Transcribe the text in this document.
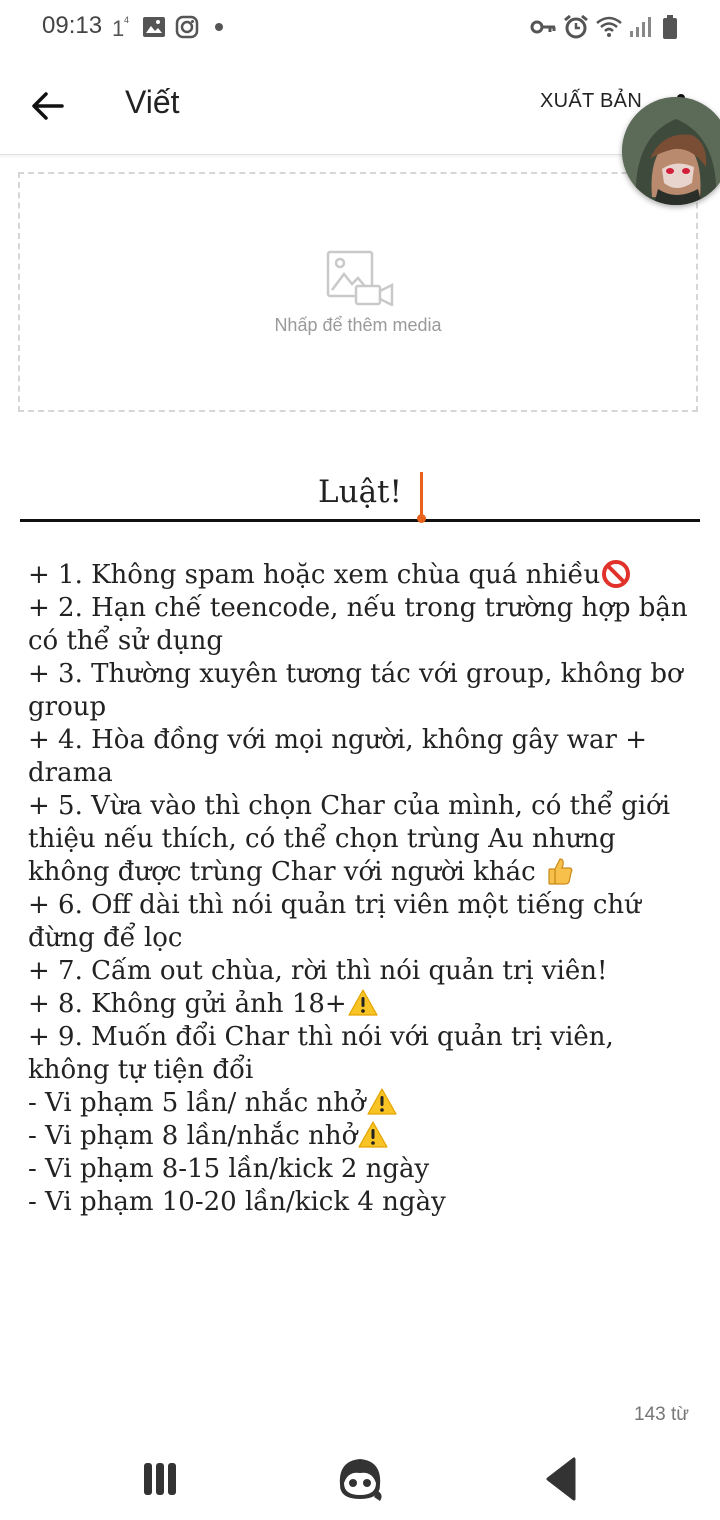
09:13 1 4
Viết	XUẤT BẢN
Nhấp để thêm media
Luật!
+ 1. Không spam hoặc xem chùa quá nhiều
+ 2. Hạn chế teencode, nếu trong trường hợp bận
có thể sử dụng
+ 3. Thường xuyên tương tác với group, không bơ
group
+ 4. Hòa đồng với mọi người, không gây war +
drama
+ 5. Vừa vào thì chọn Char của mình, có thể giới
thiệu nếu thích, có thể chọn trùng Au nhưng
không được trùng Char với người khác
+ 6. Off dài thì nói quản trị viên một tiếng chứ
đừng để lọc
+ 7. Cấm out chùa, rời thì nói quản trị viên!
+ 8. Không gửi ảnh 18+
+ 9. Muốn đổi Char thì nói với quản trị viên,
không tự tiện đổi
- Vi phạm 5 lần/ nhắc nhở
- Vi phạm 8 lần/nhắc nhở
- Vi phạm 8-15 lần/kick 2 ngày
- Vi phạm 10-20 lần/kick 4 ngày
143 từ
